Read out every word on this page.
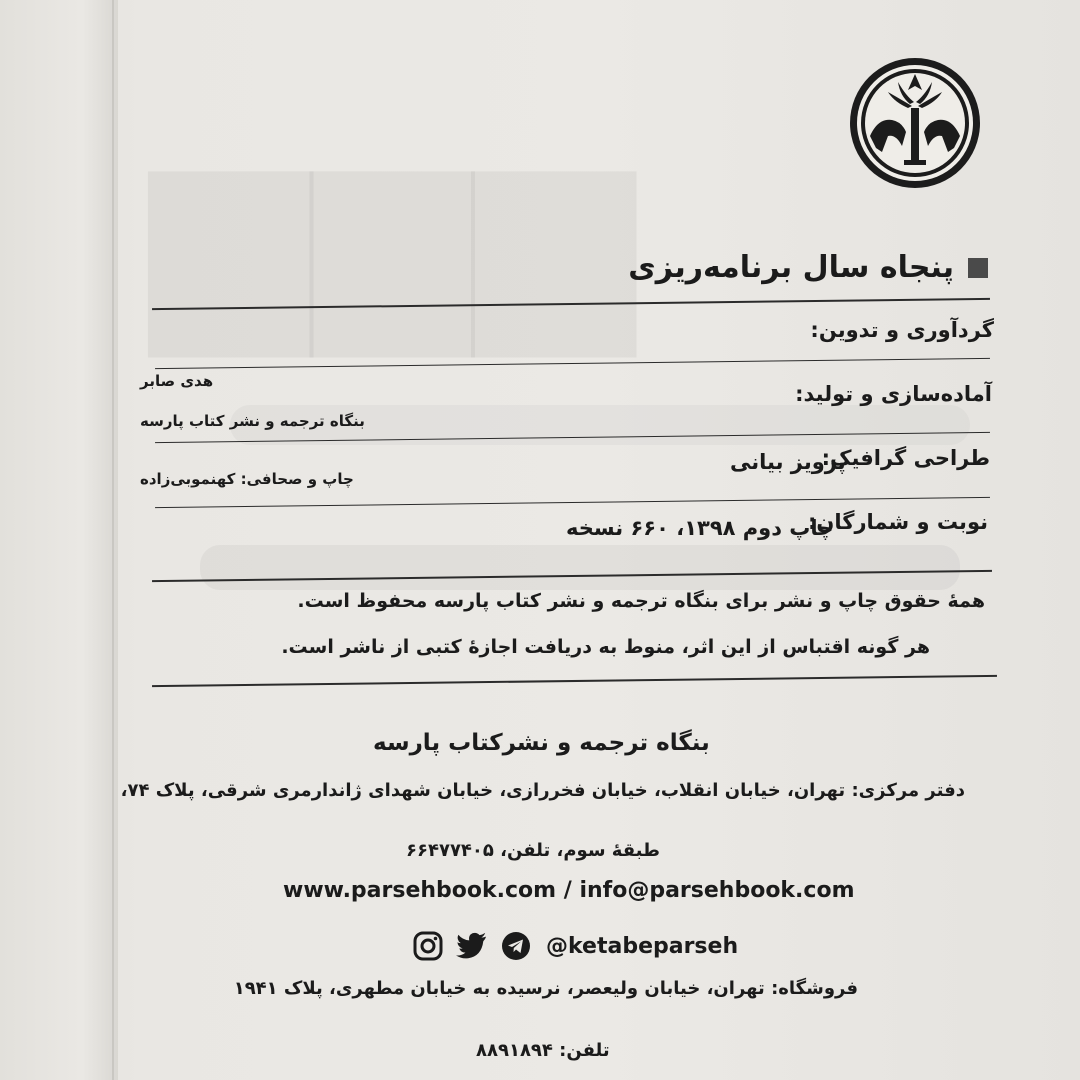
▆▆▆
پنجاه سال برنامه‌ریزی
گردآوری و تدوین:
هدی صابر
آماده‌سازی و تولید:
بنگاه ترجمه و نشر کتاب پارسه
طراحی گرافیک:
پرویز بیانی
چاپ و صحافی: کهنموبی‌زاده
نوبت و شمارگان:
چاپ دوم ۱۳۹۸، ۶۶۰ نسخه
همهٔ حقوق چاپ و نشر برای بنگاه ترجمه و نشر کتاب پارسه محفوظ است.
هر گونه اقتباس از این اثر، منوط به دریافت اجازهٔ کتبی از ناشر است.
بنگاه ترجمه و نشرکتاب پارسه
دفتر مرکزی: تهران، خیابان انقلاب، خیابان فخررازی، خیابان شهدای ژاندارمری شرقی، پلاک ۷۴،
طبقهٔ سوم، تلفن، ۶۶۴۷۷۴۰۵
www.parsehbook.com / info@parsehbook.com
@ketabeparseh
فروشگاه: تهران، خیابان ولیعصر، نرسیده به خیابان مطهری، پلاک ۱۹۴۱
تلفن: ۸۸۹۱۸۹۴
